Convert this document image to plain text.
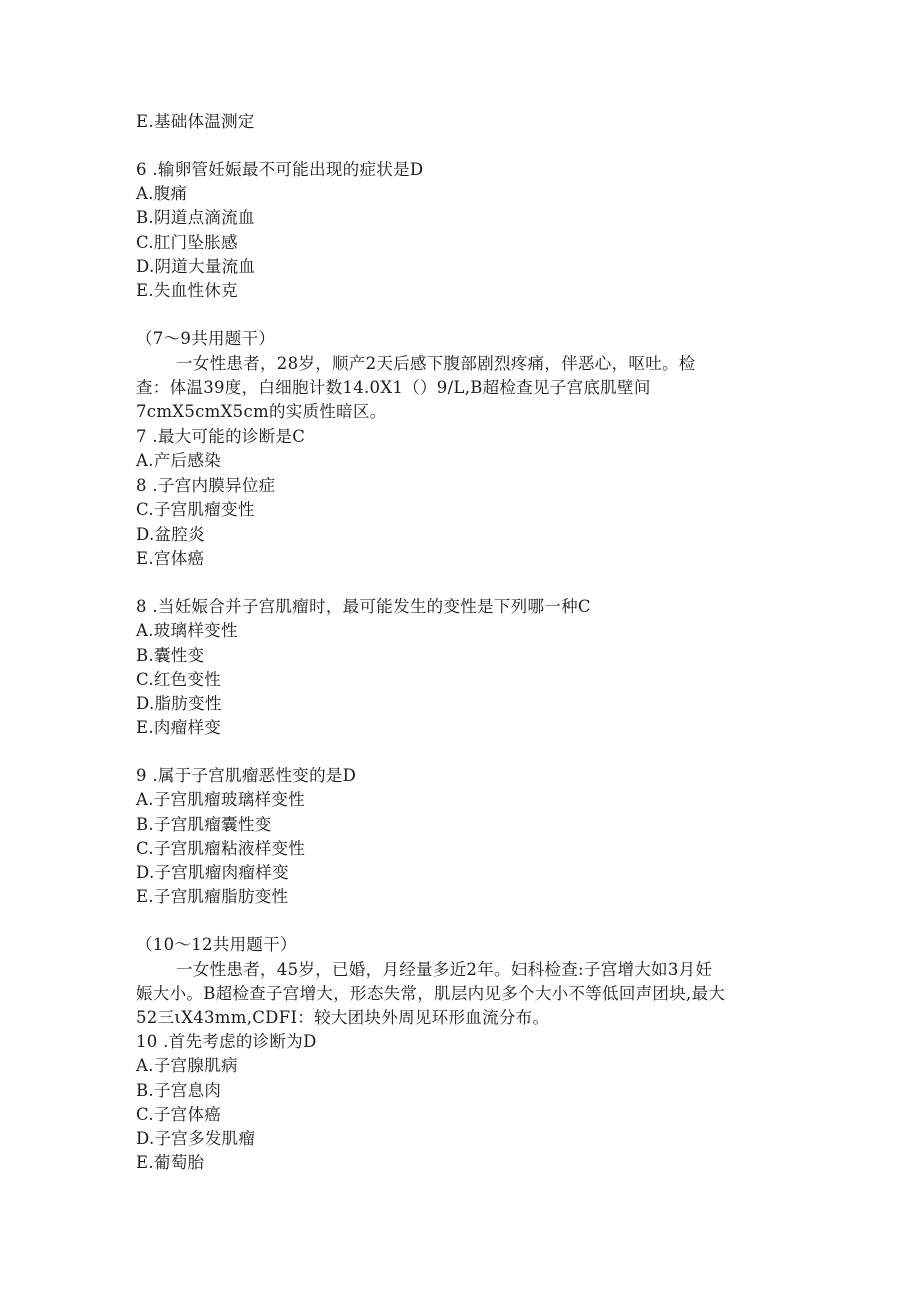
E.基础体温测定
6 .输卵管妊娠最不可能出现的症状是D
A.腹痛
B.阴道点滴流血
C.肛门坠胀感
D.阴道大量流血
E.失血性休克
（7～9共用题干）
一女性患者，28岁，顺产2天后感下腹部剧烈疼痛，伴恶心，呕吐。检
查：体温39度，白细胞计数14.0X1（）9/L,B超检查见子宫底肌壁间
7cmX5cmX5cm的实质性暗区。
7 .最大可能的诊断是C
A.产后感染
8 .子宫内膜异位症
C.子宫肌瘤变性
D.盆腔炎
E.宫体癌
8 .当妊娠合并子宫肌瘤时，最可能发生的变性是下列哪一种C
A.玻璃样变性
B.囊性变
C.红色变性
D.脂肪变性
E.肉瘤样变
9 .属于子宫肌瘤恶性变的是D
A.子宫肌瘤玻璃样变性
B.子宫肌瘤囊性变
C.子宫肌瘤粘液样变性
D.子宫肌瘤肉瘤样变
E.子宫肌瘤脂肪变性
（10～12共用题干）
一女性患者，45岁，已婚，月经量多近2年。妇科检查:子宫增大如3月妊
娠大小。B超检查子宫增大，形态失常，肌层内见多个大小不等低回声团块,最大
52三ιX43mm,CDFI：较大团块外周见环形血流分布。
10 .首先考虑的诊断为D
A.子宫腺肌病
B.子宫息肉
C.子宫体癌
D.子宫多发肌瘤
E.葡萄胎
